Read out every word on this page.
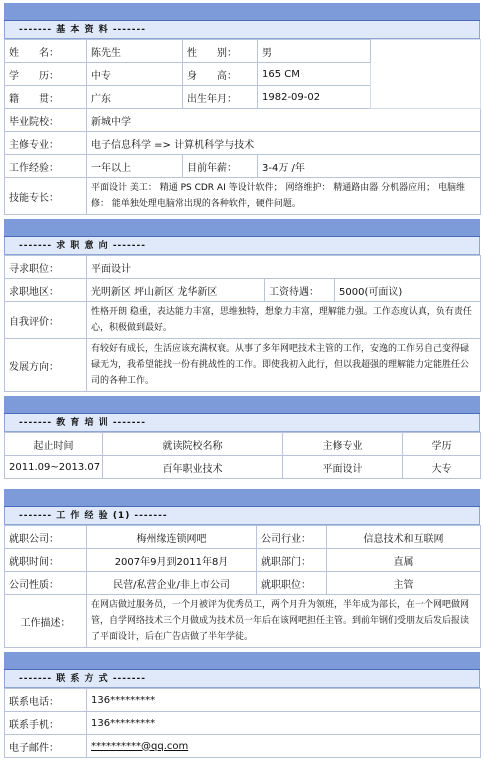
------- 基 本 资 料 -------
姓　　名：	陈先生	性　　别：	男	
学　　历：	中专	身　　高：	165 CM	
籍　　贯：	广东	出生年月：	1982-09-02	
毕业院校：	新城中学			
主修专业：	电子信息科学 => 计算机科学与技术			
工作经验：	一年以上	目前年薪：	3-4万 /年	
技能专长：	平面设计 美工： 精通 PS CDR AI 等设计软件； 网络维护： 精通路由器 分机器应用； 电脑维修： 能单独处理电脑常出现的各种软件，硬件问题。			
------- 求 职 意 向 -------
寻求职位：	平面设计		
求职地区：	光明新区 坪山新区 龙华新区	工资待遇：	5000(可面议)
自我评价：	性格开朗 稳重，表达能力丰富，思维独特，想象力丰富，理解能力强。工作态度认真，负有责任心，积极做到最好。		
发展方向：	有较好有成长，生活应该充满权衰。从事了多年网吧技术主管的工作，安逸的工作另自己变得碌碌无为，我希望能找一份有挑战性的工作。即使我初入此行，但以我超强的理解能力定能胜任公司的各种工作。		
------- 教 育 培 训 -------
起止时间	就读院校名称	主修专业	学历
2011.09~2013.07	百年职业技术	平面设计	大专
------- 工 作 经 验 (1) -------
就职公司：	梅州缘连锁网吧	公司行业：	信息技术和互联网
就职时间：	2007年9月到2011年8月	就职部门：	直属
公司性质：	民营/私营企业/非上市公司	就职职位：	主管
工作描述：	在网店做过服务员，一个月被评为优秀员工，两个月升为领班，半年成为部长，在一个网吧做网管，自学网络技术三个月做成为技术员一年后在该网吧担任主管。到前年钢们受朋友后发后报读了平面设计，后在广告店做了半年学徒。		
------- 联 系 方 式 -------
联系电话：	136*********
联系手机：	136*********
电子邮件：	**********@qq.com
